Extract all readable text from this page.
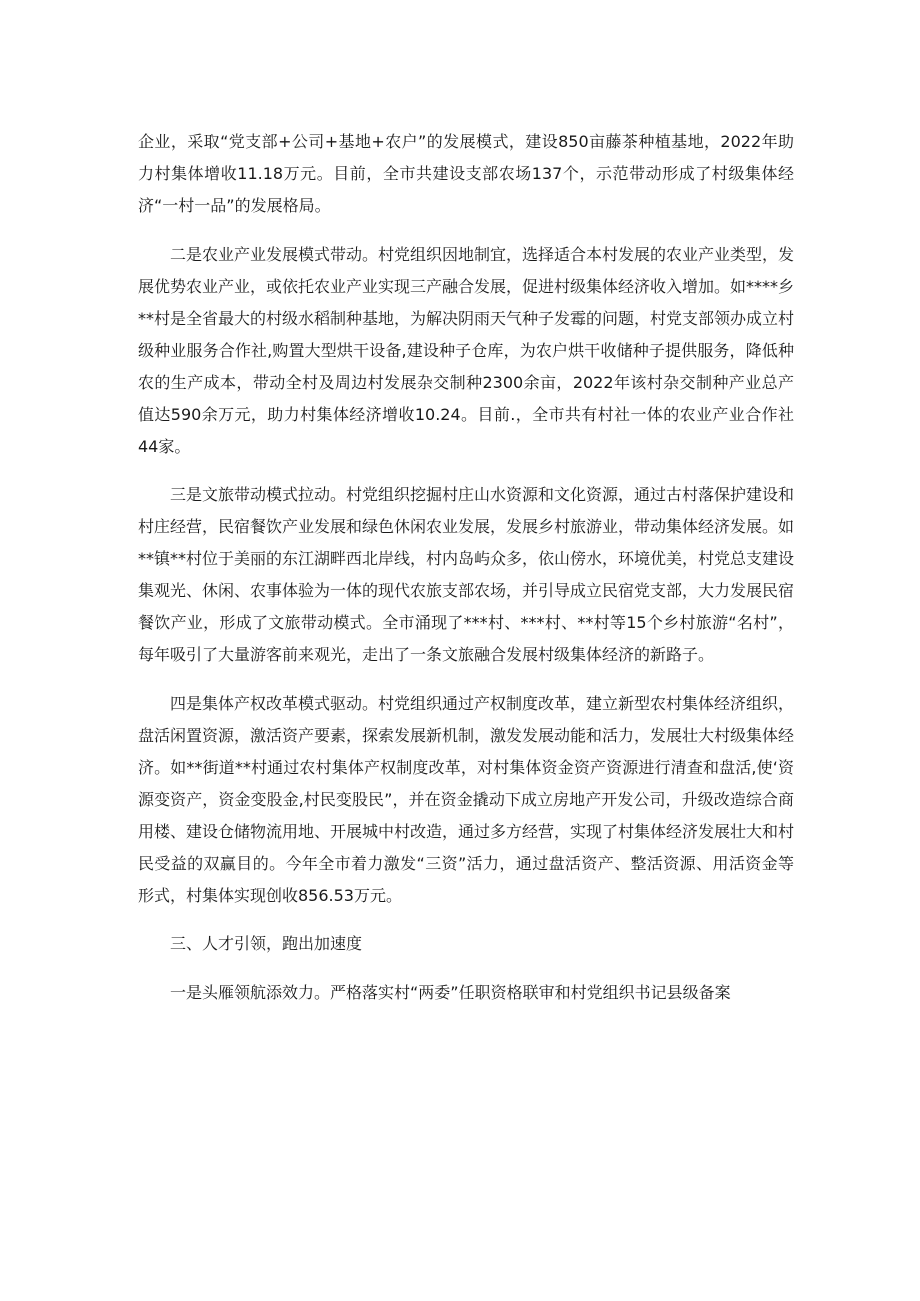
企业，采取“党支部+公司+基地+农户”的发展模式，建设850亩藤茶种植基地，2022年助力村集体增收11.18万元。目前，全市共建设支部农场137个，示范带动形成了村级集体经济“一村一品”的发展格局。

二是农业产业发展模式带动。村党组织因地制宜，选择适合本村发展的农业产业类型，发展优势农业产业，或依托农业产业实现三产融合发展，促进村级集体经济收入增加。如****乡**村是全省最大的村级水稻制种基地，为解决阴雨天气种子发霉的问题，村党支部领办成立村级种业服务合作社,购置大型烘干设备,建设种子仓库，为农户烘干收储种子提供服务，降低种农的生产成本，带动全村及周边村发展杂交制种2300余亩，2022年该村杂交制种产业总产值达590余万元，助力村集体经济增收10.24。目前.，全市共有村社一体的农业产业合作社44家。

三是文旅带动模式拉动。村党组织挖掘村庄山水资源和文化资源，通过古村落保护建设和村庄经营，民宿餐饮产业发展和绿色休闲农业发展，发展乡村旅游业，带动集体经济发展。如**镇**村位于美丽的东江湖畔西北岸线，村内岛屿众多，依山傍水，环境优美，村党总支建设集观光、休闲、农事体验为一体的现代农旅支部农场，并引导成立民宿党支部，大力发展民宿餐饮产业，形成了文旅带动模式。全市涌现了***村、***村、**村等15个乡村旅游“名村”，每年吸引了大量游客前来观光，走出了一条文旅融合发展村级集体经济的新路子。

四是集体产权改革模式驱动。村党组织通过产权制度改革，建立新型农村集体经济组织，盘活闲置资源，激活资产要素，探索发展新机制，激发发展动能和活力，发展壮大村级集体经济。如**街道**村通过农村集体产权制度改革，对村集体资金资产资源进行清查和盘活,使‘资源变资产，资金变股金,村民变股民”，并在资金撬动下成立房地产开发公司，升级改造综合商用楼、建设仓储物流用地、开展城中村改造，通过多方经营，实现了村集体经济发展壮大和村民受益的双赢目的。今年全市着力激发“三资”活力，通过盘活资产、整活资源、用活资金等形式，村集体实现创收856.53万元。

三、人才引领，跑出加速度

一是头雁领航添效力。严格落实村“两委”任职资格联审和村党组织书记县级备案
